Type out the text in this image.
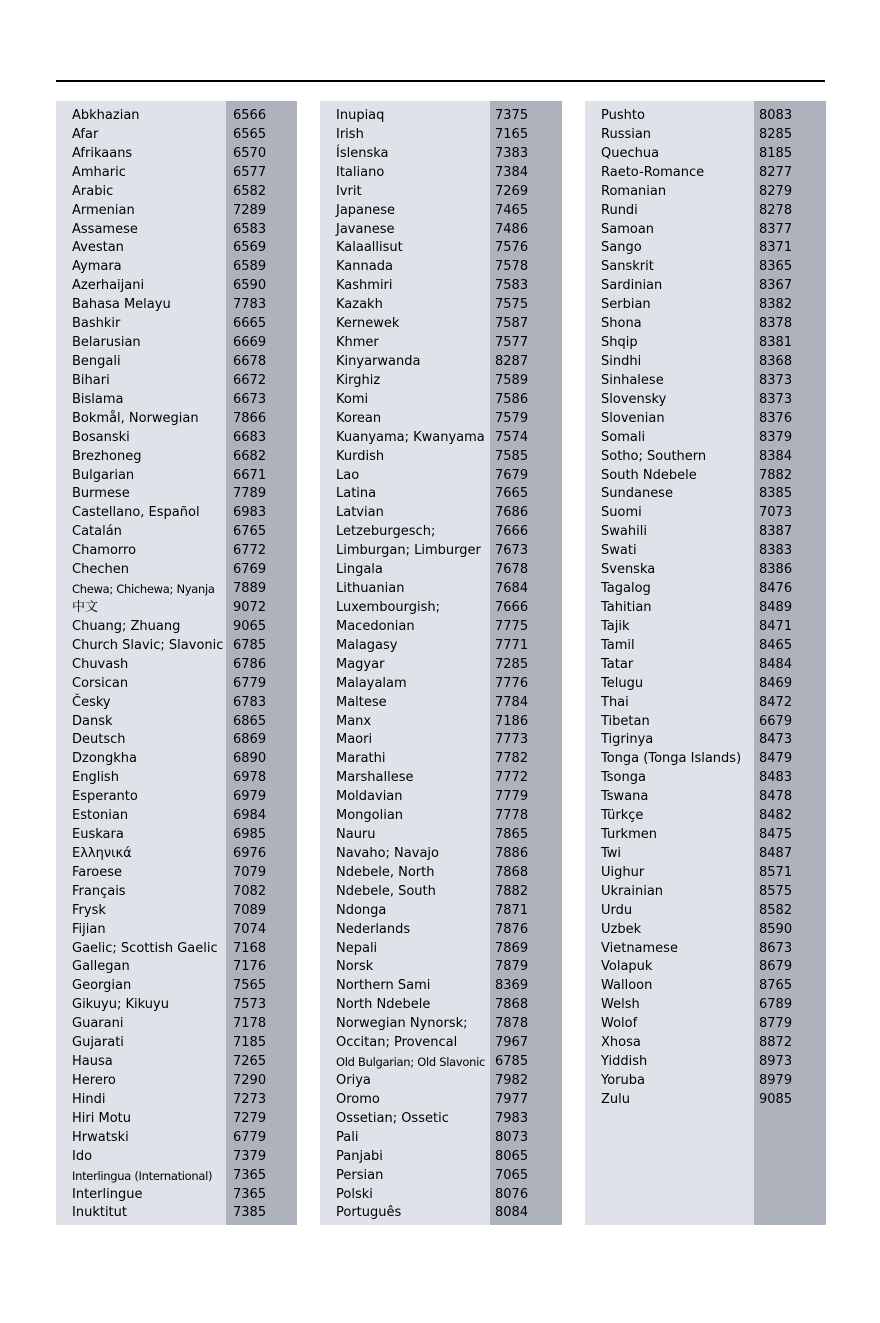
Abkhazian	6566
Afar	6565
Afrikaans	6570
Amharic	6577
Arabic	6582
Armenian	7289
Assamese	6583
Avestan	6569
Aymara	6589
Azerhaijani	6590
Bahasa Melayu	7783
Bashkir	6665
Belarusian	6669
Bengali	6678
Bihari	6672
Bislama	6673
Bokmål, Norwegian	7866
Bosanski	6683
Brezhoneg	6682
Bulgarian	6671
Burmese	7789
Castellano, Español	6983
Catalán	6765
Chamorro	6772
Chechen	6769
Chewa; Chichewa; Nyanja 7889
中文	9072
Chuang; Zhuang	9065
Church Slavic; Slavonic 6785
Chuvash	6786
Corsican	6779
Česky	6783
Dansk	6865
Deutsch	6869
Dzongkha	6890
English	6978
Esperanto	6979
Estonian	6984
Euskara	6985
Ελληνικά	6976
Faroese	7079
Français	7082
Frysk	7089
Fijian	7074
Gaelic; Scottish Gaelic 7168
Gallegan	7176
Georgian	7565
Gikuyu; Kikuyu	7573
Guarani	7178
Gujarati	7185
Hausa	7265
Herero	7290
Hindi	7273
Hiri Motu	7279
Hrwatski	6779
Ido	7379
Interlingua (International) 7365
Interlingue	7365
Inuktitut	7385
Inupiaq	7375
Irish	7165
Íslenska	7383
Italiano	7384
Ivrit	7269
Japanese	7465
Javanese	7486
Kalaallisut	7576
Kannada	7578
Kashmiri	7583
Kazakh	7575
Kernewek	7587
Khmer	7577
Kinyarwanda	8287
Kirghiz	7589
Komi	7586
Korean	7579
Kuanyama; Kwanyama 7574
Kurdish	7585
Lao	7679
Latina	7665
Latvian	7686
Letzeburgesch;	7666
Limburgan; Limburger 7673
Lingala	7678
Lithuanian	7684
Luxembourgish;	7666
Macedonian	7775
Malagasy	7771
Magyar	7285
Malayalam	7776
Maltese	7784
Manx	7186
Maori	7773
Marathi	7782
Marshallese	7772
Moldavian	7779
Mongolian	7778
Nauru	7865
Navaho; Navajo	7886
Ndebele, North	7868
Ndebele, South	7882
Ndonga	7871
Nederlands	7876
Nepali	7869
Norsk	7879
Northern Sami	8369
North Ndebele	7868
Norwegian Nynorsk; 7878
Occitan; Provencal	7967
Old Bulgarian; Old Slavonic 6785
Oriya	7982
Oromo	7977
Ossetian; Ossetic	7983
Pali	8073
Panjabi	8065
Persian	7065
Polski	8076
Português	8084
Pushto	8083
Russian	8285
Quechua	8185
Raeto-Romance	8277
Romanian	8279
Rundi	8278
Samoan	8377
Sango	8371
Sanskrit	8365
Sardinian	8367
Serbian	8382
Shona	8378
Shqip	8381
Sindhi	8368
Sinhalese	8373
Slovensky	8373
Slovenian	8376
Somali	8379
Sotho; Southern	8384
South Ndebele	7882
Sundanese	8385
Suomi	7073
Swahili	8387
Swati	8383
Svenska	8386
Tagalog	8476
Tahitian	8489
Tajik	8471
Tamil	8465
Tatar	8484
Telugu	8469
Thai	8472
Tibetan	6679
Tigrinya	8473
Tonga (Tonga Islands) 8479
Tsonga	8483
Tswana	8478
Türkçe	8482
Turkmen	8475
Twi	8487
Uighur	8571
Ukrainian	8575
Urdu	8582
Uzbek	8590
Vietnamese	8673
Volapuk	8679
Walloon	8765
Welsh	6789
Wolof	8779
Xhosa	8872
Yiddish	8973
Yoruba	8979
Zulu	9085
